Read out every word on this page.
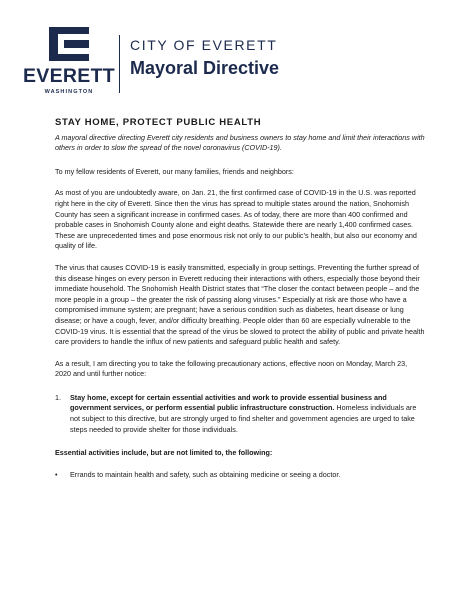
EVERETT
WASHINGTON
CITY OF EVERETT
Mayoral Directive
STAY HOME, PROTECT PUBLIC HEALTH

A mayoral directive directing Everett city residents and business owners to stay home and limit their interactions with others in order to slow the spread of the novel coronavirus (COVID-19).

To my fellow residents of Everett, our many families, friends and neighbors:

As most of you are undoubtedly aware, on Jan. 21, the first confirmed case of COVID-19 in the U.S. was reported right here in the city of Everett. Since then the virus has spread to multiple states around the nation, Snohomish County has seen a significant increase in confirmed cases. As of today, there are more than 400 confirmed and probable cases in Snohomish County alone and eight deaths. Statewide there are nearly 1,400 confirmed cases. These are unprecedented times and pose enormous risk not only to our public’s health, but also our economy and quality of life.

The virus that causes COVID-19 is easily transmitted, especially in group settings. Preventing the further spread of this disease hinges on every person in Everett reducing their interactions with others, especially those beyond their immediate household. The Snohomish Health District states that “The closer the contact between people – and the more people in a group – the greater the risk of passing along viruses.” Especially at risk are those who have a compromised immune system; are pregnant; have a serious condition such as diabetes, heart disease or lung disease; or have a cough, fever, and/or difficulty breathing. People older than 60 are especially vulnerable to the COVID-19 virus. It is essential that the spread of the virus be slowed to protect the ability of public and private health care providers to handle the influx of new patients and safeguard public health and safety.

As a result, I am directing you to take the following precautionary actions, effective noon on Monday, March 23, 2020 and until further notice:

1.	Stay home, except for certain essential activities and work to provide essential business and government services, or perform essential public infrastructure construction. Homeless individuals are not subject to this directive, but are strongly urged to find shelter and government agencies are urged to take steps needed to provide shelter for those individuals.

Essential activities include, but are not limited to, the following:

•	Errands to maintain health and safety, such as obtaining medicine or seeing a doctor.
